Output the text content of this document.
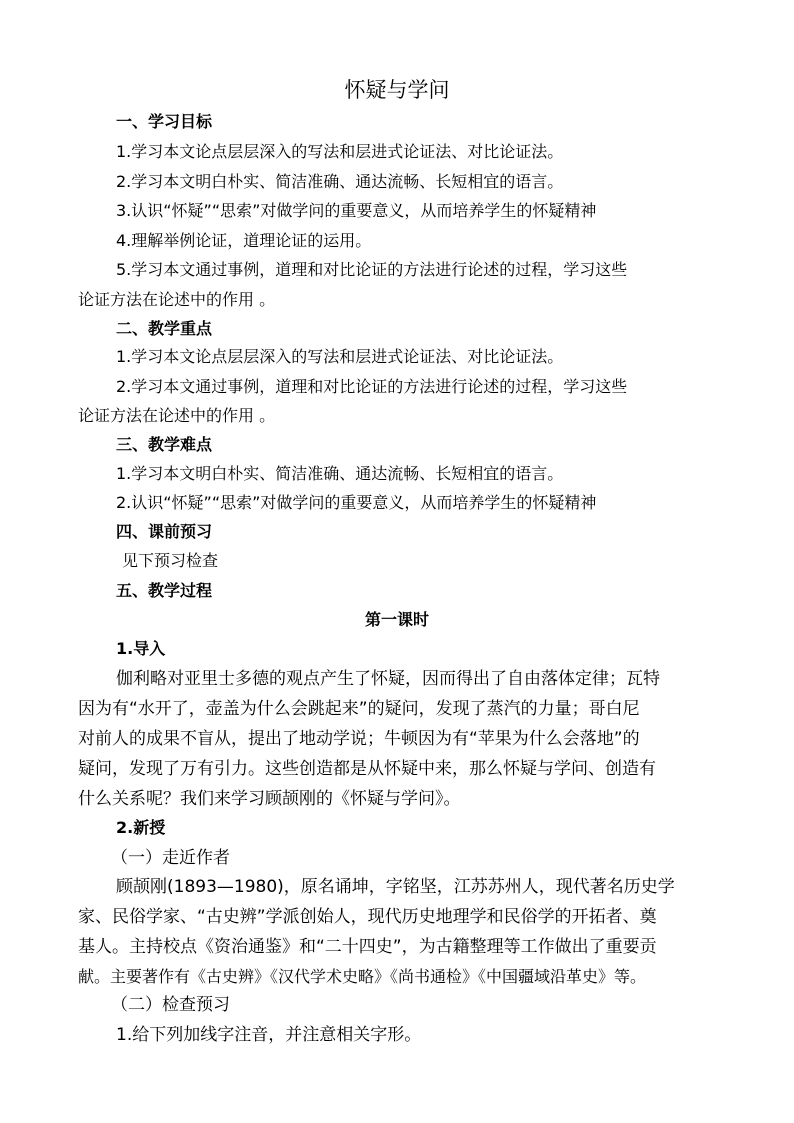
怀疑与学问
一、学习目标
1.学习本文论点层层深入的写法和层进式论证法、对比论证法。
2.学习本文明白朴实、简洁准确、通达流畅、长短相宜的语言。
3.认识“怀疑”“思索”对做学问的重要意义，从而培养学生的怀疑精神
4.理解举例论证，道理论证的运用。
5.学习本文通过事例，道理和对比论证的方法进行论述的过程，学习这些
论证方法在论述中的作用 。
二、教学重点
1.学习本文论点层层深入的写法和层进式论证法、对比论证法。
2.学习本文通过事例，道理和对比论证的方法进行论述的过程，学习这些
论证方法在论述中的作用 。
三、教学难点
1.学习本文明白朴实、简洁准确、通达流畅、长短相宜的语言。
2.认识“怀疑”“思索”对做学问的重要意义，从而培养学生的怀疑精神
四、课前预习
见下预习检查
五、教学过程
第一课时
1.导入
伽利略对亚里士多德的观点产生了怀疑，因而得出了自由落体定律；瓦特
因为有“水开了，壶盖为什么会跳起来”的疑问，发现了蒸汽的力量；哥白尼
对前人的成果不盲从，提出了地动学说；牛顿因为有“苹果为什么会落地”的
疑问，发现了万有引力。这些创造都是从怀疑中来，那么怀疑与学问、创造有
什么关系呢？我们来学习顾颉刚的《怀疑与学问》。
2.新授
（一）走近作者
顾颉刚(1893—1980)，原名诵坤，字铭坚，江苏苏州人，现代著名历史学
家、民俗学家、“古史辨”学派创始人，现代历史地理学和民俗学的开拓者、奠
基人。主持校点《资治通鉴》和“二十四史”，为古籍整理等工作做出了重要贡
献。主要著作有《古史辨》《汉代学术史略》《尚书通检》《中国疆域沿革史》等。
（二）检查预习
1.给下列加线字注音，并注意相关字形。
